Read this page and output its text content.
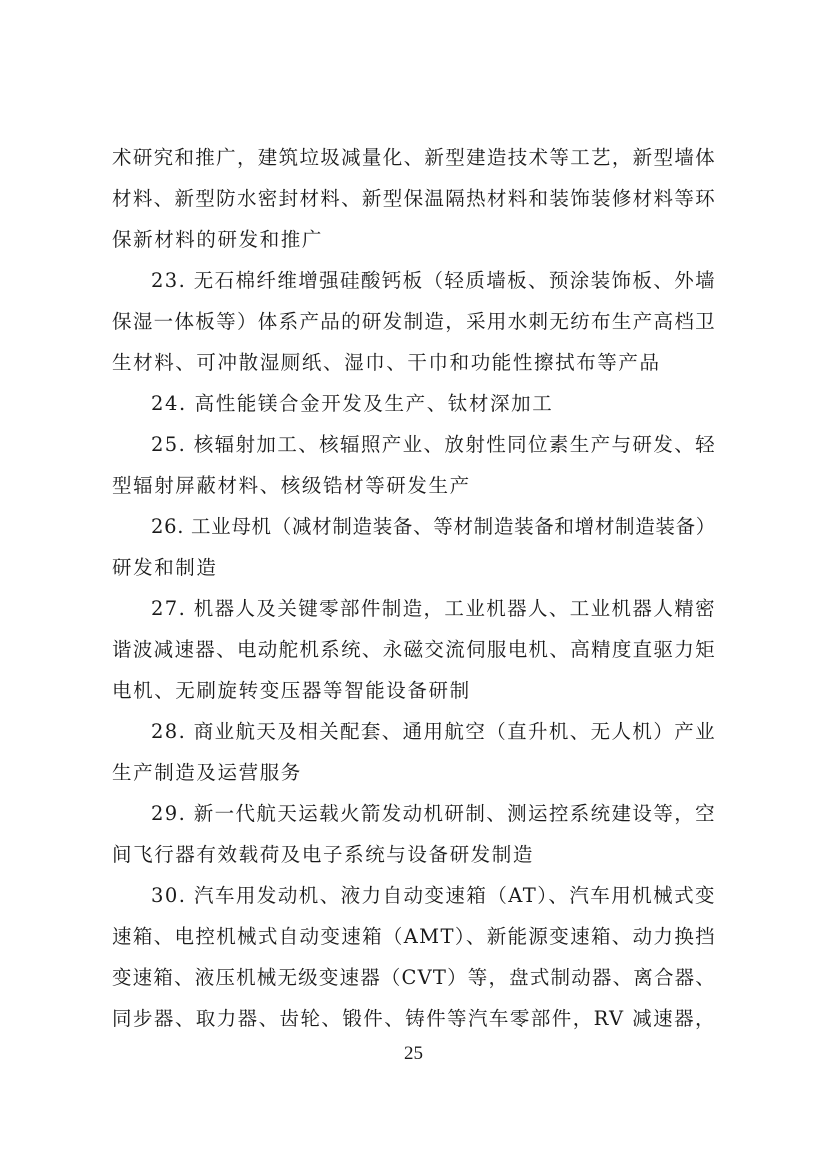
术研究和推广，建筑垃圾减量化、新型建造技术等工艺，新型墙体
材料、新型防水密封材料、新型保温隔热材料和装饰装修材料等环
保新材料的研发和推广
23. 无石棉纤维增强硅酸钙板（轻质墙板、预涂装饰板、外墙
保湿一体板等）体系产品的研发制造，采用水刺无纺布生产高档卫
生材料、可冲散湿厕纸、湿巾、干巾和功能性擦拭布等产品
24. 高性能镁合金开发及生产、钛材深加工
25. 核辐射加工、核辐照产业、放射性同位素生产与研发、轻
型辐射屏蔽材料、核级锆材等研发生产
26. 工业母机（减材制造装备、等材制造装备和增材制造装备）
研发和制造
27. 机器人及关键零部件制造，工业机器人、工业机器人精密
谐波减速器、电动舵机系统、永磁交流伺服电机、高精度直驱力矩
电机、无刷旋转变压器等智能设备研制
28. 商业航天及相关配套、通用航空（直升机、无人机）产业
生产制造及运营服务
29. 新一代航天运载火箭发动机研制、测运控系统建设等，空
间飞行器有效载荷及电子系统与设备研发制造
30. 汽车用发动机、液力自动变速箱（AT）、汽车用机械式变
速箱、电控机械式自动变速箱（AMT）、新能源变速箱、动力换挡
变速箱、液压机械无级变速器（CVT）等，盘式制动器、离合器、
同步器、取力器、齿轮、锻件、铸件等汽车零部件，RV 减速器，
25
